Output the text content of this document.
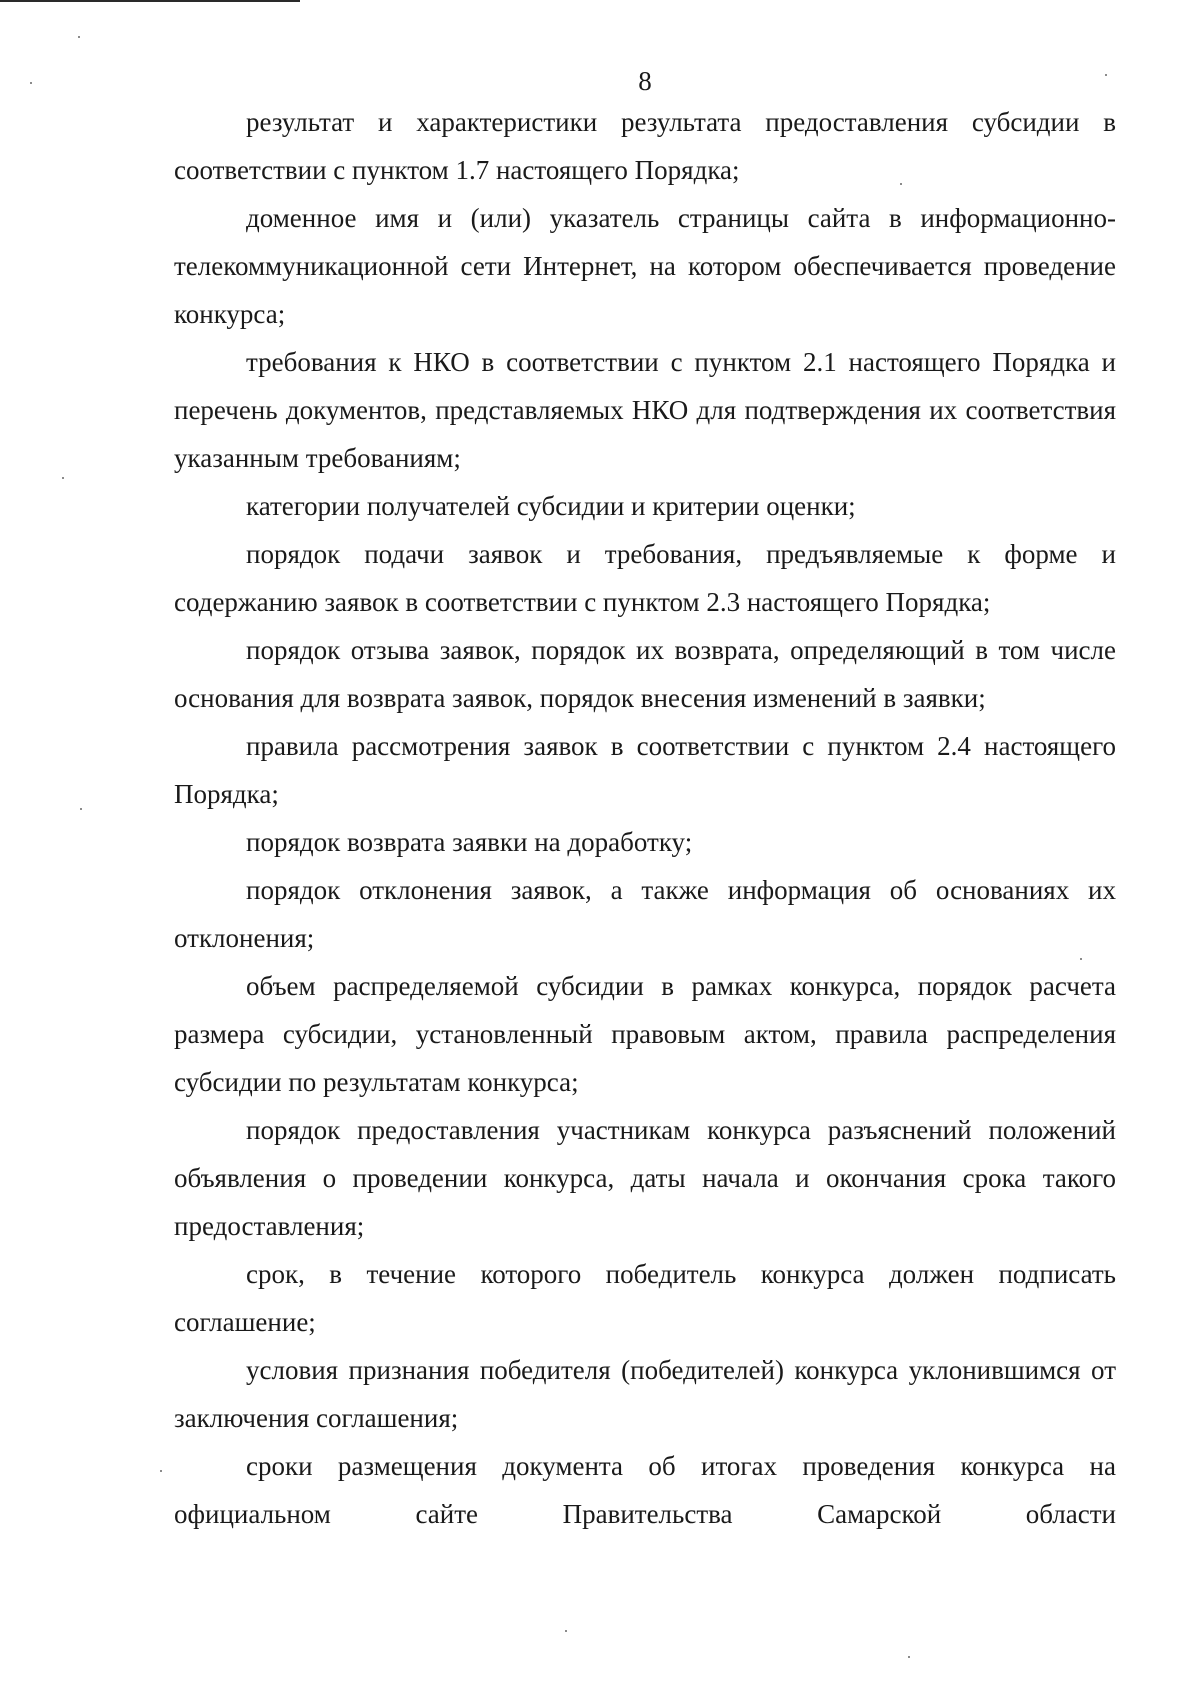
8

результат и характеристики результата предоставления субсидии в соответствии с пунктом 1.7 настоящего Порядка;

доменное имя и (или) указатель страницы сайта в информационно-телекоммуникационной сети Интернет, на котором обеспечивается проведение конкурса;

требования к НКО в соответствии с пунктом 2.1 настоящего Порядка и перечень документов, представляемых НКО для подтверждения их соответствия указанным требованиям;

категории получателей субсидии и критерии оценки;

порядок подачи заявок и требования, предъявляемые к форме и содержанию заявок в соответствии с пунктом 2.3 настоящего Порядка;

порядок отзыва заявок, порядок их возврата, определяющий в том числе основания для возврата заявок, порядок внесения изменений в заявки;

правила рассмотрения заявок в соответствии с пунктом 2.4 настоящего Порядка;

порядок возврата заявки на доработку;

порядок отклонения заявок, а также информация об основаниях их отклонения;

объем распределяемой субсидии в рамках конкурса, порядок расчета размера субсидии, установленный правовым актом, правила распределения субсидии по результатам конкурса;

порядок предоставления участникам конкурса разъяснений положений объявления о проведении конкурса, даты начала и окончания срока такого предоставления;

срок, в течение которого победитель конкурса должен подписать соглашение;

условия признания победителя (победителей) конкурса уклонившимся от заключения соглашения;

сроки размещения документа об итогах проведения конкурса на официальном сайте Правительства Самарской области
